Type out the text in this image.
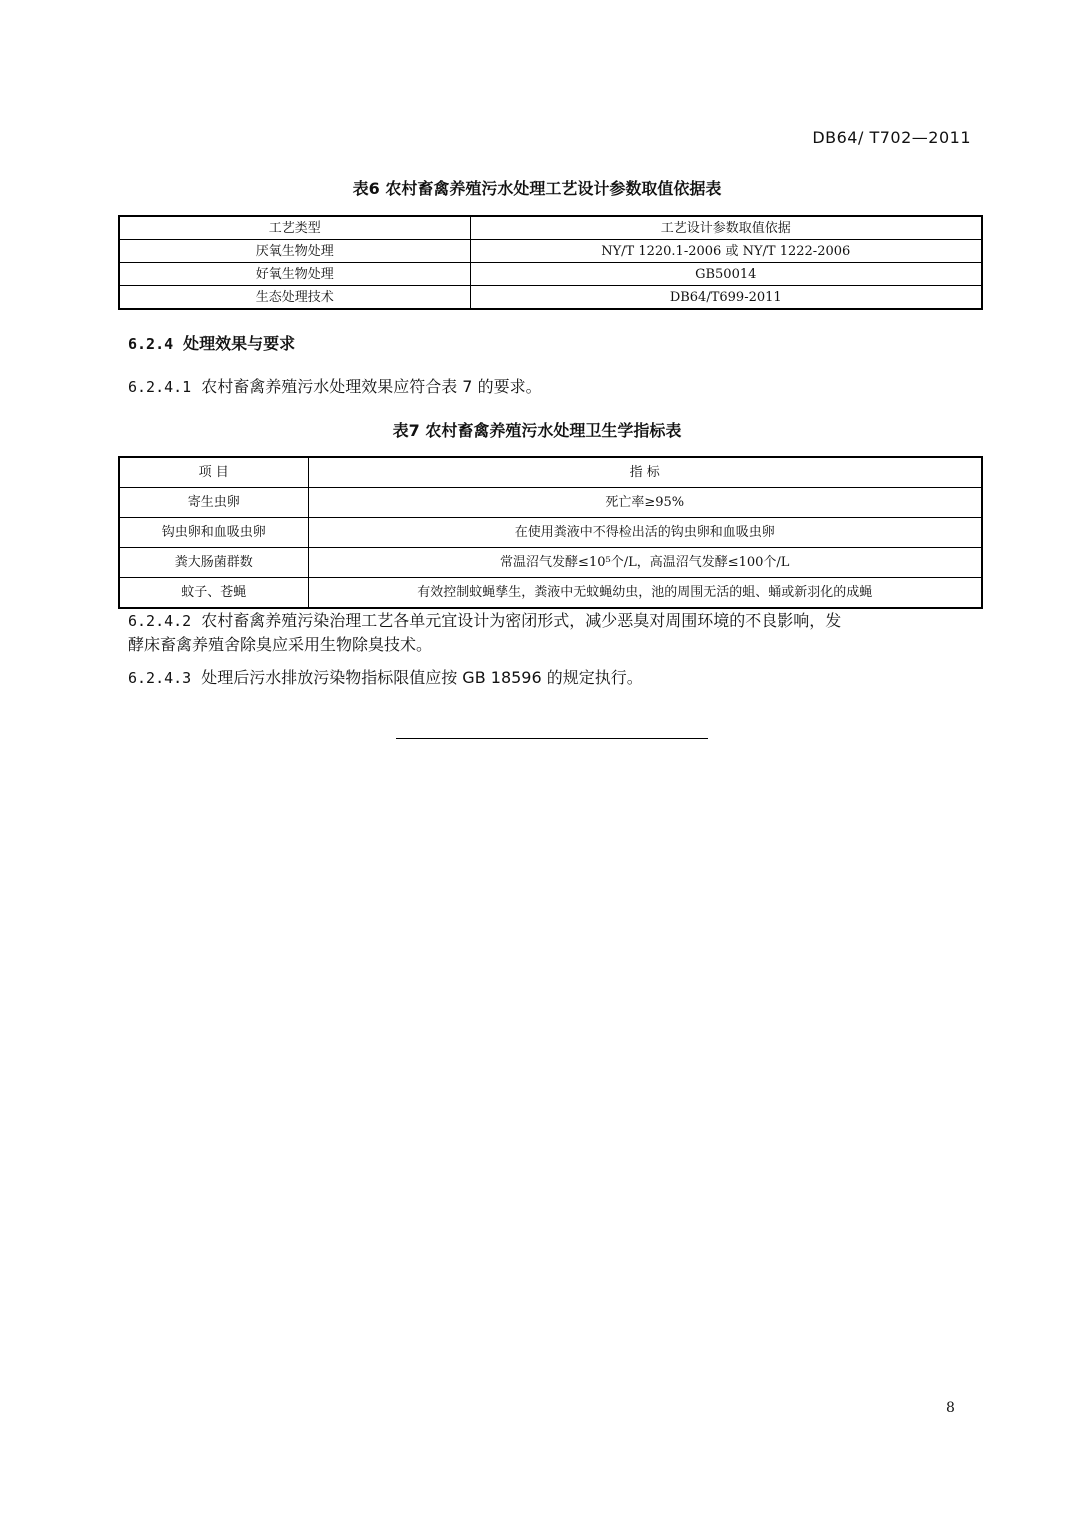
DB64/ T702—2011
表6 农村畜禽养殖污水处理工艺设计参数取值依据表
工艺类型	工艺设计参数取值依据
厌氧生物处理	NY/T 1220.1-2006 或 NY/T 1222-2006
好氧生物处理	GB50014
生态处理技术	DB64/T699-2011
6.2.4 处理效果与要求
6.2.4.1 农村畜禽养殖污水处理效果应符合表 7 的要求。
表7 农村畜禽养殖污水处理卫生学指标表
项 目	指 标
寄生虫卵	死亡率≥95%
钩虫卵和血吸虫卵	在使用粪液中不得检出活的钩虫卵和血吸虫卵
粪大肠菌群数	常温沼气发酵≤10⁵个/L，高温沼气发酵≤100个/L
蚊子、苍蝇	有效控制蚊蝇孳生，粪液中无蚊蝇幼虫，池的周围无活的蛆、蛹或新羽化的成蝇
6.2.4.2 农村畜禽养殖污染治理工艺各单元宜设计为密闭形式，减少恶臭对周围环境的不良影响，发
酵床畜禽养殖舍除臭应采用生物除臭技术。
6.2.4.3 处理后污水排放污染物指标限值应按 GB 18596 的规定执行。
8
